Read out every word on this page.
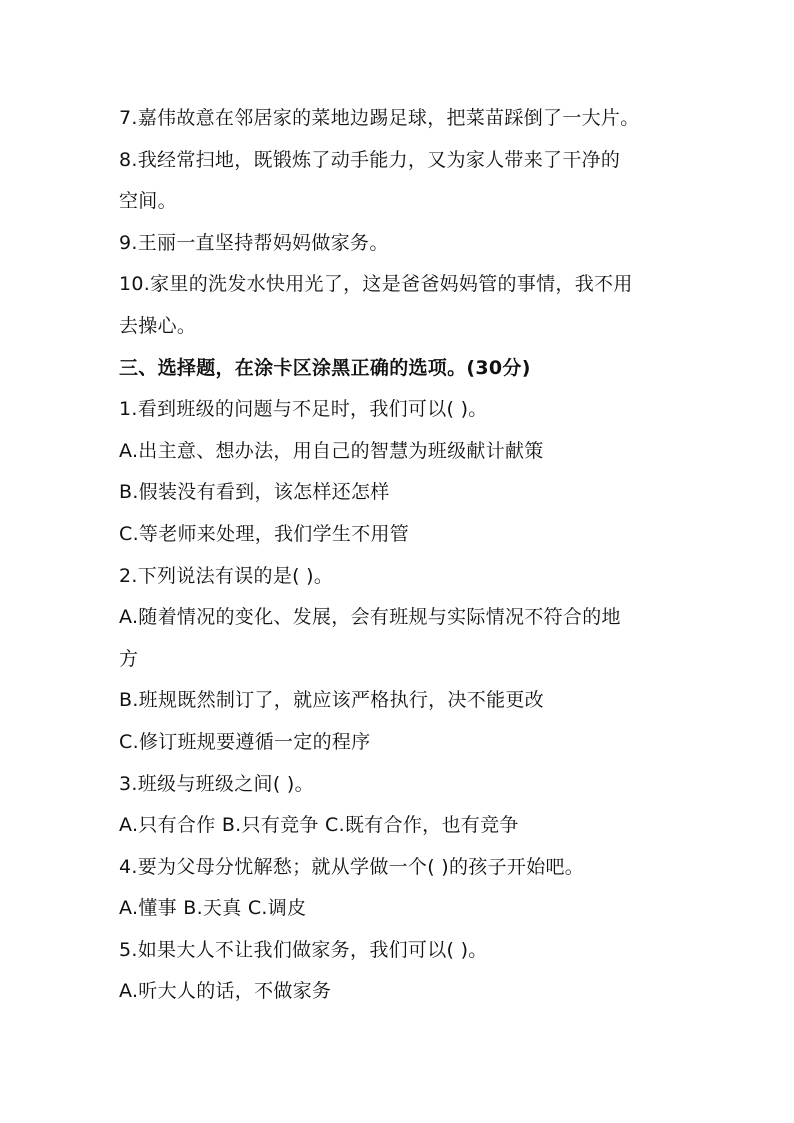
7.嘉伟故意在邻居家的菜地边踢足球，把菜苗踩倒了一大片。
8.我经常扫地，既锻炼了动手能力，又为家人带来了干净的
空间。
9.王丽一直坚持帮妈妈做家务。
10.家里的洗发水快用光了，这是爸爸妈妈管的事情，我不用
去操心。
三、选择题，在涂卡区涂黑正确的选项。(30分)
1.看到班级的问题与不足时，我们可以( )。
A.出主意、想办法，用自己的智慧为班级献计献策
B.假装没有看到，该怎样还怎样
C.等老师来处理，我们学生不用管
2.下列说法有误的是( )。
A.随着情况的变化、发展，会有班规与实际情况不符合的地
方
B.班规既然制订了，就应该严格执行，决不能更改
C.修订班规要遵循一定的程序
3.班级与班级之间( )。
A.只有合作 B.只有竞争 C.既有合作，也有竞争
4.要为父母分忧解愁；就从学做一个( )的孩子开始吧。
A.懂事 B.天真 C.调皮
5.如果大人不让我们做家务，我们可以( )。
A.听大人的话，不做家务
